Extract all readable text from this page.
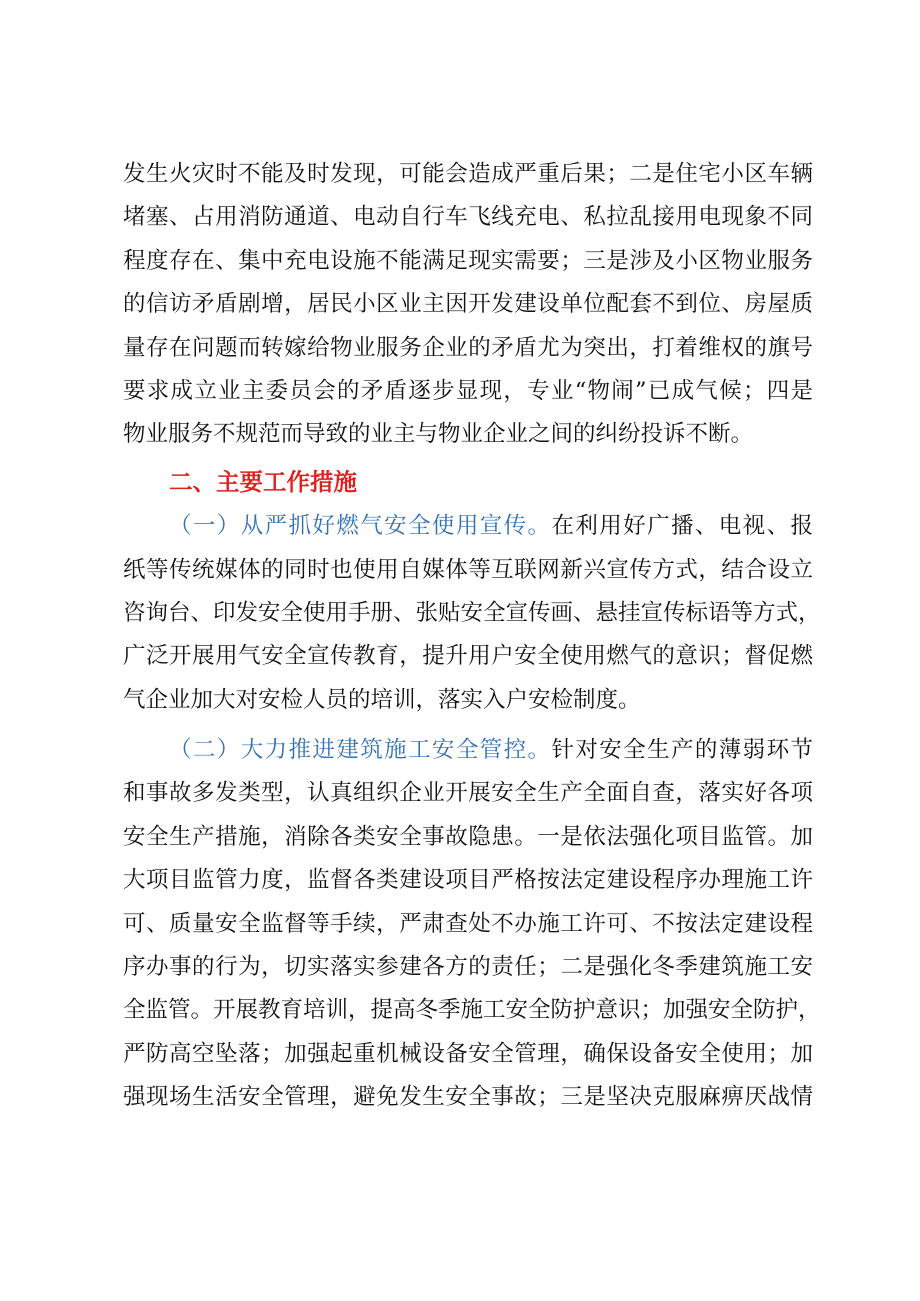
发生火灾时不能及时发现，可能会造成严重后果；二是住宅小区车辆
堵塞、占用消防通道、电动自行车飞线充电、私拉乱接用电现象不同
程度存在、集中充电设施不能满足现实需要；三是涉及小区物业服务
的信访矛盾剧增，居民小区业主因开发建设单位配套不到位、房屋质
量存在问题而转嫁给物业服务企业的矛盾尤为突出，打着维权的旗号
要求成立业主委员会的矛盾逐步显现，专业“物闹”已成气候；四是
物业服务不规范而导致的业主与物业企业之间的纠纷投诉不断。
二、主要工作措施
（一）从严抓好燃气安全使用宣传。在利用好广播、电视、报
纸等传统媒体的同时也使用自媒体等互联网新兴宣传方式，结合设立
咨询台、印发安全使用手册、张贴安全宣传画、悬挂宣传标语等方式，
广泛开展用气安全宣传教育，提升用户安全使用燃气的意识；督促燃
气企业加大对安检人员的培训，落实入户安检制度。
（二）大力推进建筑施工安全管控。针对安全生产的薄弱环节
和事故多发类型，认真组织企业开展安全生产全面自查，落实好各项
安全生产措施，消除各类安全事故隐患。一是依法强化项目监管。加
大项目监管力度，监督各类建设项目严格按法定建设程序办理施工许
可、质量安全监督等手续，严肃查处不办施工许可、不按法定建设程
序办事的行为，切实落实参建各方的责任；二是强化冬季建筑施工安
全监管。开展教育培训，提高冬季施工安全防护意识；加强安全防护，
严防高空坠落；加强起重机械设备安全管理，确保设备安全使用；加
强现场生活安全管理，避免发生安全事故；三是坚决克服麻痹厌战情
